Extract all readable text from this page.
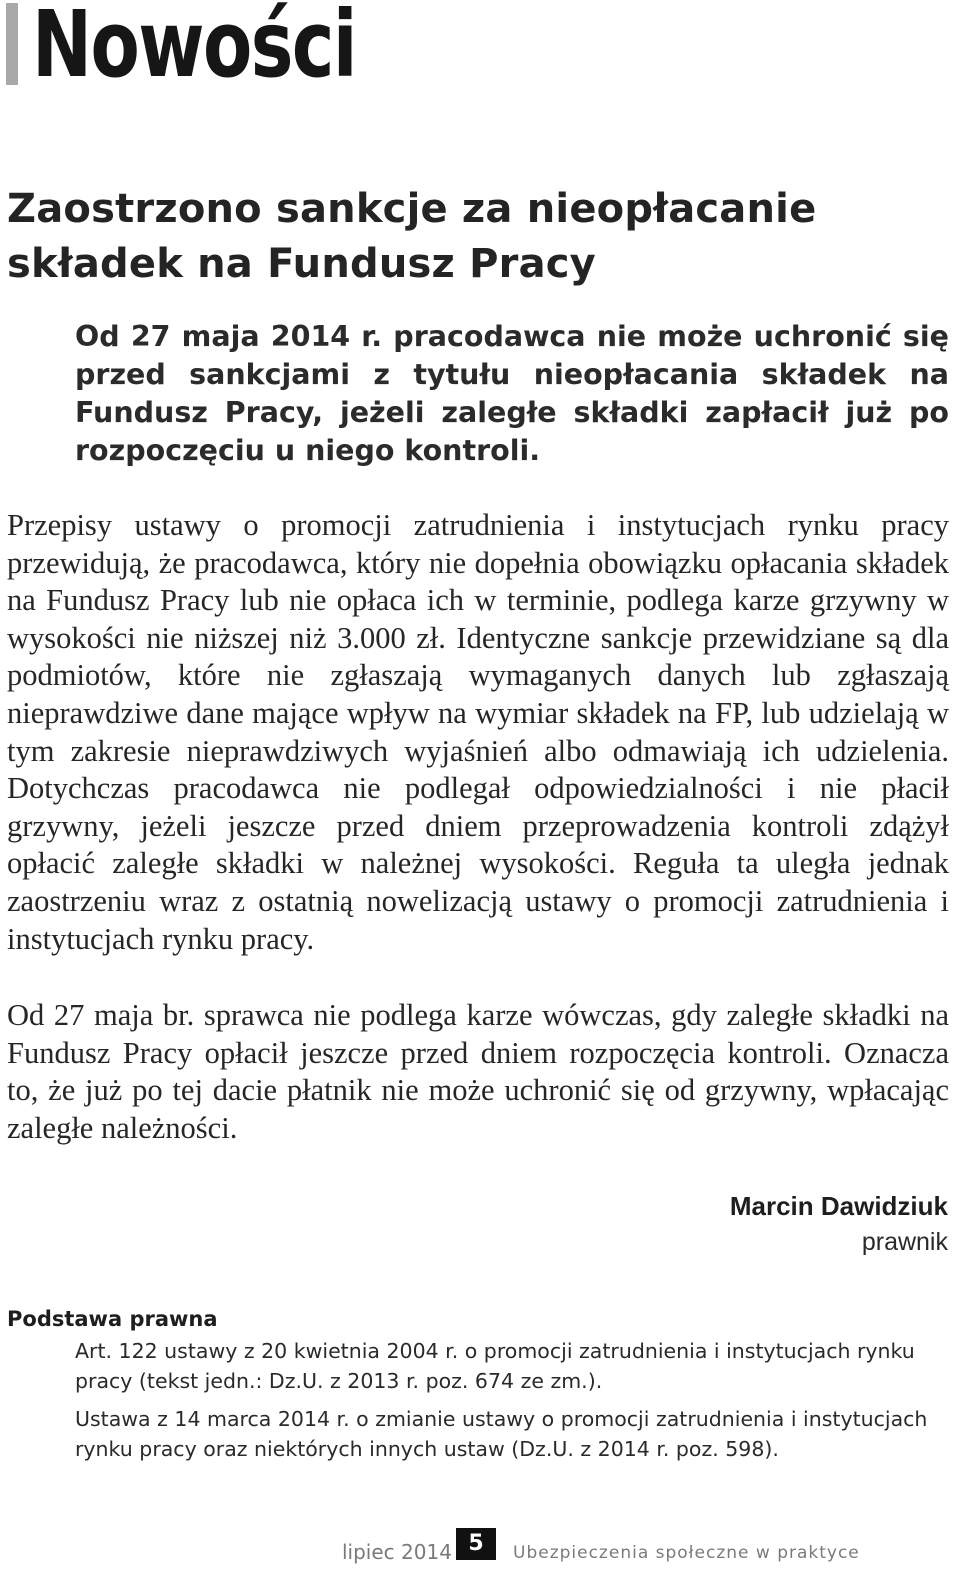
Nowości
Zaostrzono sankcje za nieopłacanie składek na Fundusz Pracy
Od 27 maja 2014 r. pracodawca nie może uchronić się przed sankcjami z tytułu nieopłacania składek na Fundusz Pracy, jeżeli zaległe składki zapłacił już po rozpoczęciu u niego kontroli.

Przepisy ustawy o promocji zatrudnienia i instytucjach rynku pracy przewidują, że pracodawca, który nie dopełnia obowiązku opłacania składek na Fundusz Pracy lub nie opłaca ich w terminie, podlega karze grzywny w wysokości nie niższej niż 3.000 zł. Identyczne sankcje przewidziane są dla podmiotów, które nie zgłaszają wymaganych danych lub zgłaszają nieprawdziwe dane mające wpływ na wymiar składek na FP, lub udzielają w tym zakresie nieprawdziwych wyjaśnień albo odmawiają ich udzielenia. Dotychczas pracodawca nie podlegał odpowiedzialności i nie płacił grzywny, jeżeli jeszcze przed dniem przeprowadzenia kontroli zdążył opłacić zaległe składki w należnej wysokości. Reguła ta uległa jednak zaostrzeniu wraz z ostatnią nowelizacją ustawy o promocji zatrudnienia i instytucjach rynku pracy.

Od 27 maja br. sprawca nie podlega karze wówczas, gdy zaległe składki na Fundusz Pracy opłacił jeszcze przed dniem rozpoczęcia kontroli. Oznacza to, że już po tej dacie płatnik nie może uchronić się od grzywny, wpłacając zaległe należności.

Marcin Dawidziuk
prawnik
Podstawa prawna

Art. 122 ustawy z 20 kwietnia 2004 r. o promocji zatrudnienia i instytucjach rynku pracy (tekst jedn.: Dz.U. z 2013 r. poz. 674 ze zm.).

Ustawa z 14 marca 2014 r. o zmianie ustawy o promocji zatrudnienia i instytucjach rynku pracy oraz niektórych innych ustaw (Dz.U. z 2014 r. poz. 598).

lipiec 2014 5	Ubezpieczenia społeczne w praktyce
